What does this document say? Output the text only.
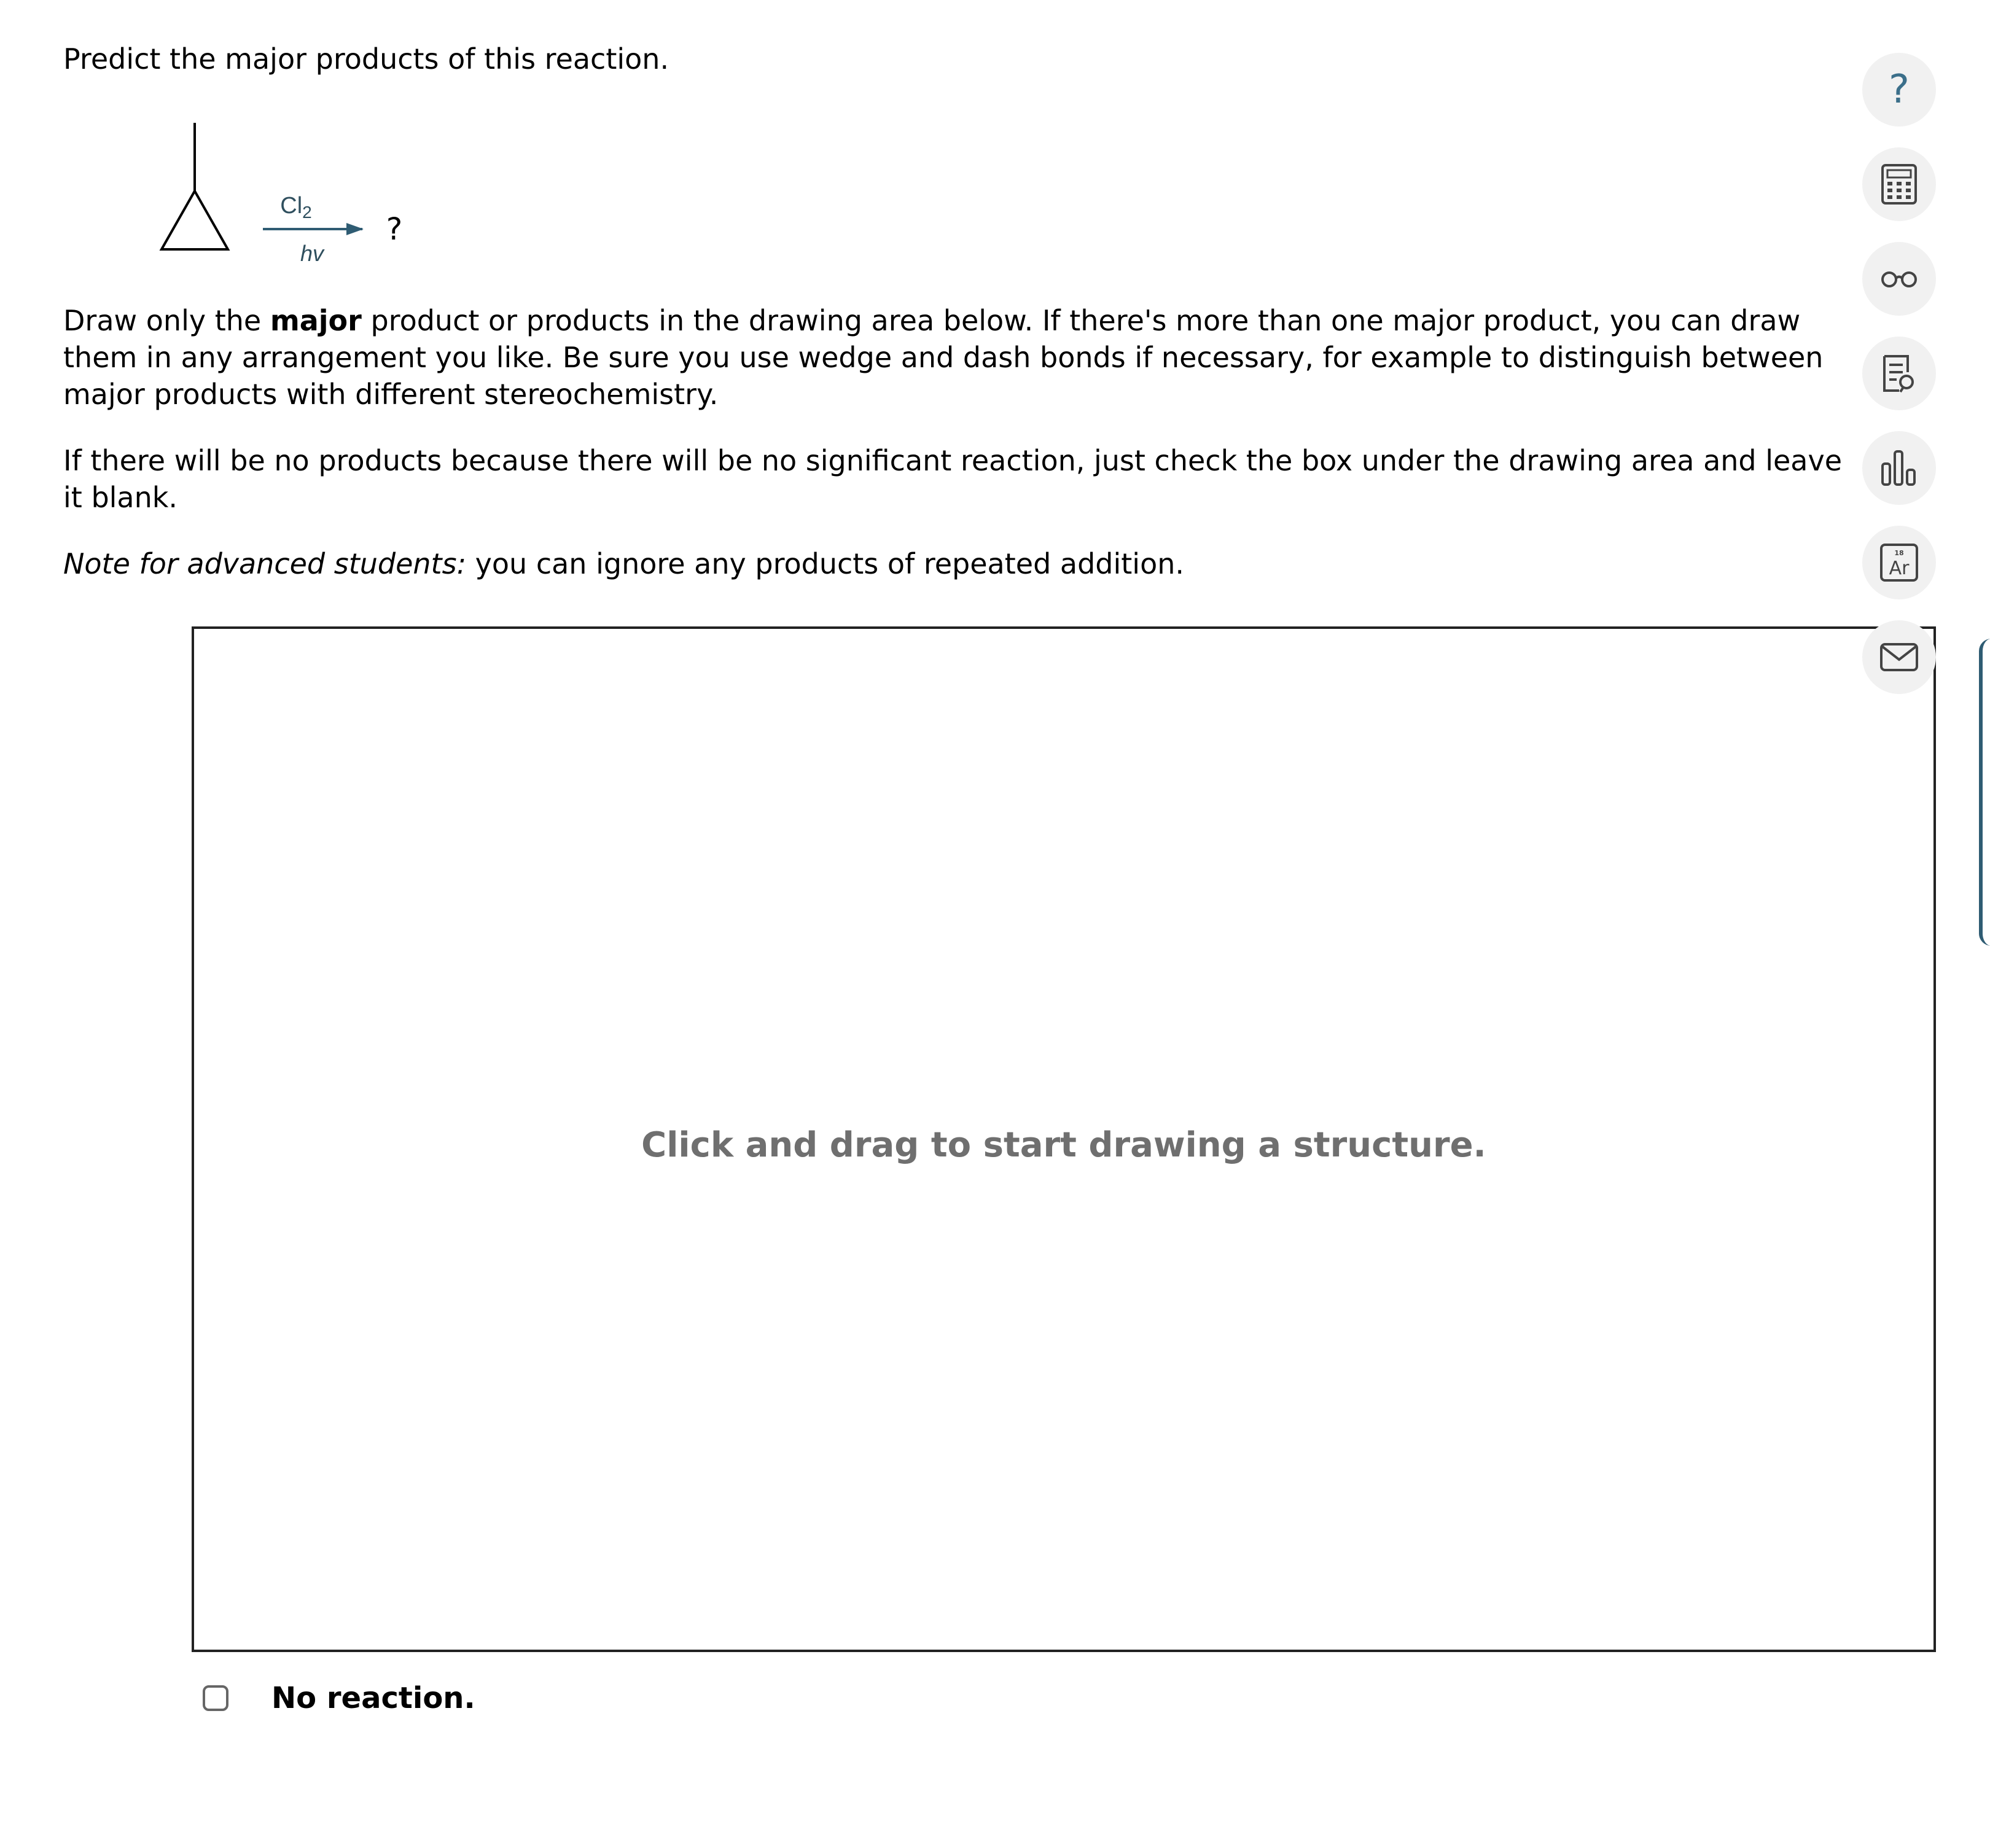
Predict the major products of this reaction.
$Cl_2$
hv
?

Draw only the major product or products in the drawing area below. If there's more than one major product, you can draw them in any arrangement you like. Be sure you use wedge and dash bonds if necessary, for example to distinguish between major products with different stereochemistry.

If there will be no products because there will be no significant reaction, just check the box under the drawing area and leave it blank.

Note for advanced students: you can ignore any products of repeated addition.

Click and drag to start drawing a structure.
No reaction.
?
18
Ar
